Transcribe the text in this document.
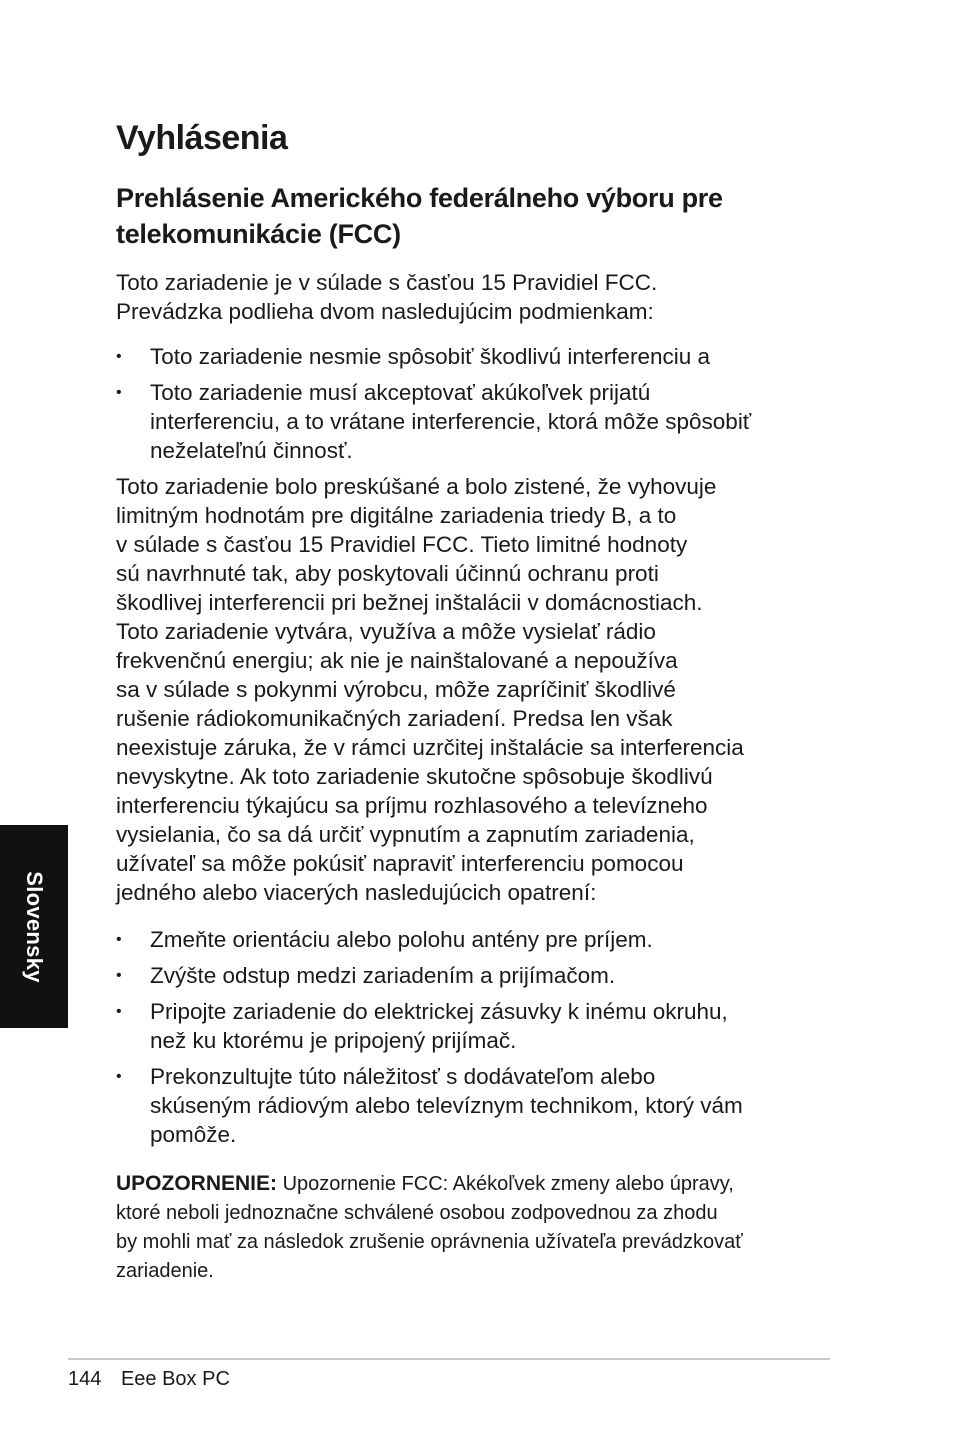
Vyhlásenia
Prehlásenie Amerického federálneho výboru pre telekomunikácie (FCC)

Toto zariadenie je v súlade s časťou 15 Pravidiel FCC.
Prevádzka podlieha dvom nasledujúcim podmienkam:

• Toto zariadenie nesmie spôsobiť škodlivú interferenciu a
• Toto zariadenie musí akceptovať akúkoľvek prijatú
interferenciu, a to vrátane interferencie, ktorá môže spôsobiť
neželateľnú činnosť.

Toto zariadenie bolo preskúšané a bolo zistené, že vyhovuje
limitným hodnotám pre digitálne zariadenia triedy B, a to
v súlade s časťou 15 Pravidiel FCC. Tieto limitné hodnoty
sú navrhnuté tak, aby poskytovali účinnú ochranu proti
škodlivej interferencii pri bežnej inštalácii v domácnostiach.
Toto zariadenie vytvára, využíva a môže vysielať rádio
frekvenčnú energiu; ak nie je nainštalované a nepoužíva
sa v súlade s pokynmi výrobcu, môže zapríčiniť škodlivé
rušenie rádiokomunikačných zariadení. Predsa len však
neexistuje záruka, že v rámci uzrčitej inštalácie sa interferencia
nevyskytne. Ak toto zariadenie skutočne spôsobuje škodlivú
interferenciu týkajúcu sa príjmu rozhlasového a televízneho
vysielania, čo sa dá určiť vypnutím a zapnutím zariadenia,
užívateľ sa môže pokúsiť napraviť interferenciu pomocou
jedného alebo viacerých nasledujúcich opatrení:

• Zmeňte orientáciu alebo polohu antény pre príjem.
• Zvýšte odstup medzi zariadením a prijímačom.
• Pripojte zariadenie do elektrickej zásuvky k inému okruhu,
než ku ktorému je pripojený prijímač.
• Prekonzultujte túto náležitosť s dodávateľom alebo
skúseným rádiovým alebo televíznym technikom, ktorý vám
pomôže.

UPOZORNENIE: Upozornenie FCC: Akékoľvek zmeny alebo úpravy,
ktoré neboli jednoznačne schválené osobou zodpovednou za zhodu
by mohli mať za následok zrušenie oprávnenia užívateľa prevádzkovať
zariadenie.

Slovensky
144 Eee Box PC
